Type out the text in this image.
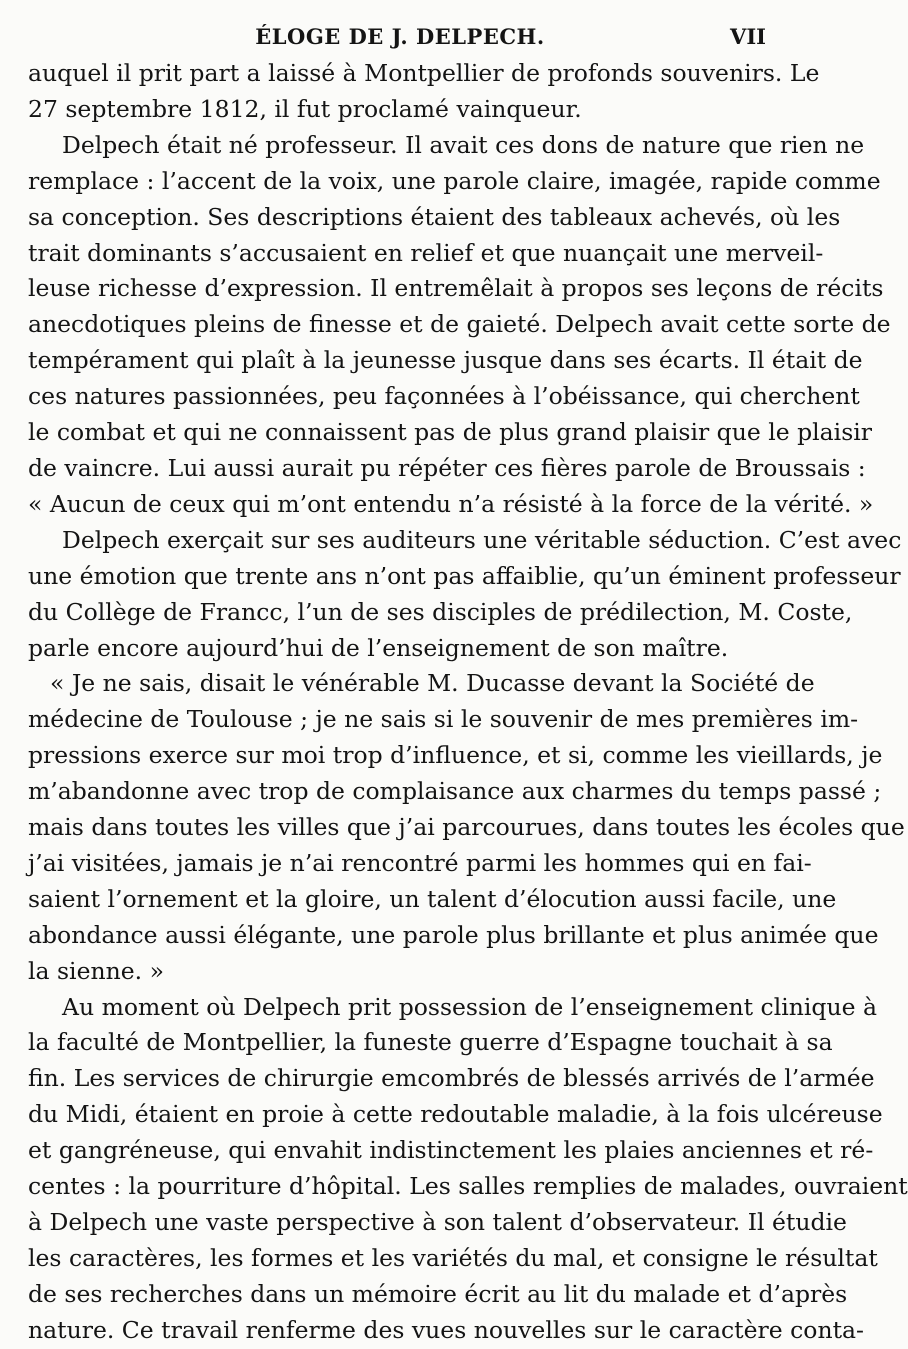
ÉLOGE DE J. DELPECH.	VII
auquel il prit part a laissé à Montpellier de profonds souvenirs. Le
27 septembre 1812, il fut proclamé vainqueur.
Delpech était né professeur. Il avait ces dons de nature que rien ne
remplace : l’accent de la voix, une parole claire, imagée, rapide comme
sa conception. Ses descriptions étaient des tableaux achevés, où les
trait dominants s’accusaient en relief et que nuançait une merveil-
leuse richesse d’expression. Il entremêlait à propos ses leçons de récits
anecdotiques pleins de finesse et de gaieté. Delpech avait cette sorte de
tempérament qui plaît à la jeunesse jusque dans ses écarts. Il était de
ces natures passionnées, peu façonnées à l’obéissance, qui cherchent
le combat et qui ne connaissent pas de plus grand plaisir que le plaisir
de vaincre. Lui aussi aurait pu répéter ces fières parole de Broussais :
« Aucun de ceux qui m’ont entendu n’a résisté à la force de la vérité. »
Delpech exerçait sur ses auditeurs une véritable séduction. C’est avec
une émotion que trente ans n’ont pas affaiblie, qu’un éminent professeur
du Collège de Francc, l’un de ses disciples de prédilection, M. Coste,
parle encore aujourd’hui de l’enseignement de son maître.
« Je ne sais, disait le vénérable M. Ducasse devant la Société de
médecine de Toulouse ; je ne sais si le souvenir de mes premières im-
pressions exerce sur moi trop d’influence, et si, comme les vieillards, je
m’abandonne avec trop de complaisance aux charmes du temps passé ;
mais dans toutes les villes que j’ai parcourues, dans toutes les écoles que
j’ai visitées, jamais je n’ai rencontré parmi les hommes qui en fai-
saient l’ornement et la gloire, un talent d’élocution aussi facile, une
abondance aussi élégante, une parole plus brillante et plus animée que
la sienne. »
Au moment où Delpech prit possession de l’enseignement clinique à
la faculté de Montpellier, la funeste guerre d’Espagne touchait à sa
fin. Les services de chirurgie emcombrés de blessés arrivés de l’armée
du Midi, étaient en proie à cette redoutable maladie, à la fois ulcéreuse
et gangréneuse, qui envahit indistinctement les plaies anciennes et ré-
centes : la pourriture d’hôpital. Les salles remplies de malades, ouvraient
à Delpech une vaste perspective à son talent d’observateur. Il étudie
les caractères, les formes et les variétés du mal, et consigne le résultat
de ses recherches dans un mémoire écrit au lit du malade et d’après
nature. Ce travail renferme des vues nouvelles sur le caractère conta-
